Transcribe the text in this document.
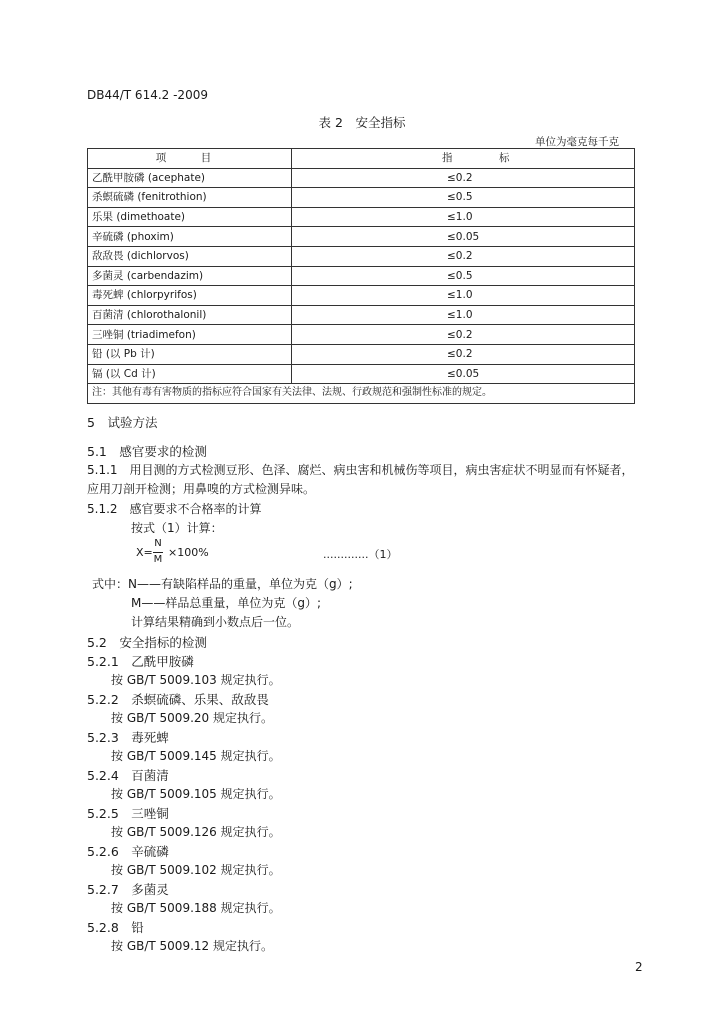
DB44/T 614.2 -2009
表 2　安全指标
单位为毫克每千克
项　目	指　标
乙酰甲胺磷 (acephate)	≤0.2
杀螟硫磷 (fenitrothion)	≤0.5
乐果 (dimethoate)	≤1.0
辛硫磷 (phoxim)	≤0.05
敌敌畏 (dichlorvos)	≤0.2
多菌灵 (carbendazim)	≤0.5
毒死蜱 (chlorpyrifos)	≤1.0
百菌清 (chlorothalonil)	≤1.0
三唑铜 (triadimefon)	≤0.2
铅 (以 Pb 计)	≤0.2
镉 (以 Cd 计)	≤0.05
注：其他有毒有害物质的指标应符合国家有关法律、法规、行政规范和强制性标准的规定。	
5　试验方法
5.1　感官要求的检测
5.1.1　用目测的方式检测豆形、色泽、腐烂、病虫害和机械伤等项目，病虫害症状不明显而有怀疑者，
应用刀剖开检测；用鼻嗅的方式检测异味。
5.1.2　感官要求不合格率的计算
按式（1）计算：
X=
N
M
×100%	.............（1）
式中：N——有缺陷样品的重量，单位为克（g）;
M——样品总重量，单位为克（g）;
计算结果精确到小数点后一位。
5.2　安全指标的检测
5.2.1　乙酰甲胺磷
按 GB/T 5009.103 规定执行。
5.2.2　杀螟硫磷、乐果、敌敌畏
按 GB/T 5009.20 规定执行。
5.2.3　毒死蜱
按 GB/T 5009.145 规定执行。
5.2.4　百菌清
按 GB/T 5009.105 规定执行。
5.2.5　三唑铜
按 GB/T 5009.126 规定执行。
5.2.6　辛硫磷
按 GB/T 5009.102 规定执行。
5.2.7　多菌灵
按 GB/T 5009.188 规定执行。
5.2.8　铅
按 GB/T 5009.12 规定执行。
2
